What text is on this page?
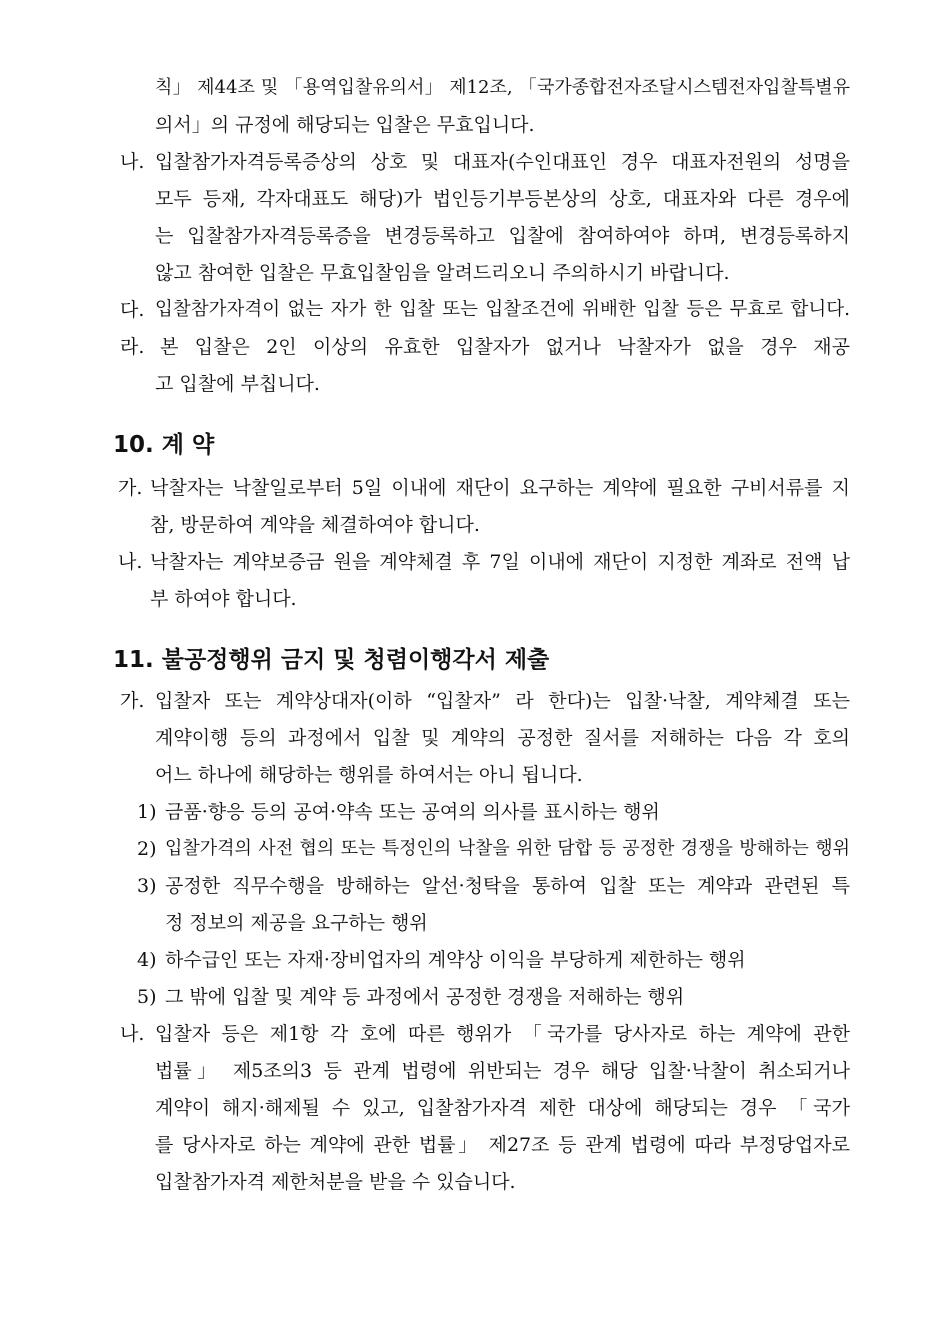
칙」 제44조 및 「용역입찰유의서」 제12조, 「국가종합전자조달시스템전자입찰특별유
의서」의 규정에 해당되는 입찰은 무효입니다.
나. 입찰참가자격등록증상의 상호 및 대표자(수인대표인 경우 대표자전원의 성명을
모두 등재, 각자대표도 해당)가 법인등기부등본상의 상호, 대표자와 다른 경우에
는 입찰참가자격등록증을 변경등록하고 입찰에 참여하여야 하며, 변경등록하지
않고 참여한 입찰은 무효입찰임을 알려드리오니 주의하시기 바랍니다.
다. 입찰참가자격이 없는 자가 한 입찰 또는 입찰조건에 위배한 입찰 등은 무효로 합니다.
라. 본 입찰은 2인 이상의 유효한 입찰자가 없거나 낙찰자가 없을 경우 재공
고 입찰에 부칩니다.
10. 계 약
가. 낙찰자는 낙찰일로부터 5일 이내에 재단이 요구하는 계약에 필요한 구비서류를 지
참, 방문하여 계약을 체결하여야 합니다.
나. 낙찰자는 계약보증금 원을 계약체결 후 7일 이내에 재단이 지정한 계좌로 전액 납
부 하여야 합니다.
11. 불공정행위 금지 및 청렴이행각서 제출
가. 입찰자 또는 계약상대자(이하 “입찰자” 라 한다)는 입찰·낙찰, 계약체결 또는
계약이행 등의 과정에서 입찰 및 계약의 공정한 질서를 저해하는 다음 각 호의
어느 하나에 해당하는 행위를 하여서는 아니 됩니다.
1) 금품·향응 등의 공여·약속 또는 공여의 의사를 표시하는 행위
2) 입찰가격의 사전 협의 또는 특정인의 낙찰을 위한 담합 등 공정한 경쟁을 방해하는 행위
3) 공정한 직무수행을 방해하는 알선·청탁을 통하여 입찰 또는 계약과 관련된 특
정 정보의 제공을 요구하는 행위
4) 하수급인 또는 자재·장비업자의 계약상 이익을 부당하게 제한하는 행위
5) 그 밖에 입찰 및 계약 등 과정에서 공정한 경쟁을 저해하는 행위
나. 입찰자 등은 제1항 각 호에 따른 행위가 「국가를 당사자로 하는 계약에 관한
법률」 제5조의3 등 관계 법령에 위반되는 경우 해당 입찰·낙찰이 취소되거나
계약이 해지·해제될 수 있고, 입찰참가자격 제한 대상에 해당되는 경우 「국가
를 당사자로 하는 계약에 관한 법률」 제27조 등 관계 법령에 따라 부정당업자로
입찰참가자격 제한처분을 받을 수 있습니다.
